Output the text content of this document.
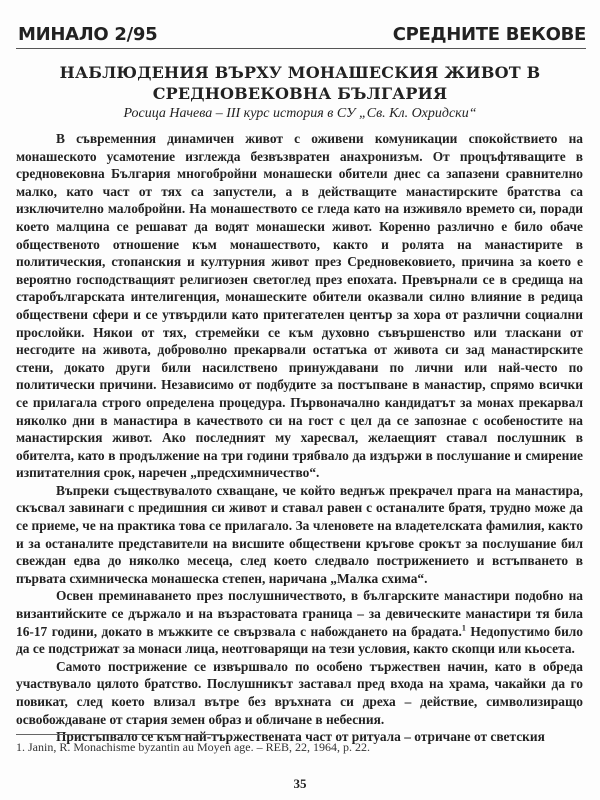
МИНАЛО 2/95	СРЕДНИТЕ ВЕКОВЕ
НАБЛЮДЕНИЯ ВЪРХУ МОНАШЕСКИЯ ЖИВОТ В
СРЕДНОВЕКОВНА БЪЛГАРИЯ
Росица Начева – III курс история в СУ „Св. Кл. Охридски“

В съвременния динамичен живот с оживени комуникации спокойствието на монашеското усамотение изглежда безвъзвратен анахронизъм. От процъфтяващите в средновековна България многобройни монашески обители днес са запазени сравнително малко, като част от тях са запустели, а в действащите манастирските братства са изключително малобройни. На монашеството се гледа като на изживяло времето си, поради което малцина се решават да водят монашески живот. Коренно различно е било обаче общественото отношение към монашеството, както и ролята на манастирите в политическия, стопанския и културния живот през Средновековието, причина за което е вероятно господстващият религиозен светоглед през епохата. Превърнали се в средища на старобългарската интелигенция, монашеските обители оказвали силно влияние в редица обществени сфери и се утвърдили като притегателен център за хора от различни социални прослойки. Някои от тях, стремейки се към духовно съвършенство или тласкани от несгодите на живота, доброволно прекарвали остатъка от живота си зад манастирските стени, докато други били насилствено принуждавани по лични или най-често по политически причини. Независимо от подбудите за постъпване в манастир, спрямо всички се прилагала строго определена процедура. Първоначално кандидатът за монах прекарвал няколко дни в манастира в качеството си на гост с цел да се запознае с особеностите на манастирския живот. Ако последният му харесвал, желаещият ставал послушник в обителта, като в продължение на три години трябвало да издържи в послушание и смирение изпитателния срок, наречен „предсхимничество“.

Въпреки съществувалото схващане, че който веднъж прекрачел прага на манастира, скъсвал завинаги с предишния си живот и ставал равен с останалите братя, трудно може да се приеме, че на практика това се прилагало. За членовете на владетелската фамилия, както и за останалите представители на висшите обществени кръгове срокът за послушание бил свеждан едва до няколко месеца, след което следвало пострижението и встъпването в първата схимническа монашеска степен, наричана „Малка схима“.

Освен преминаването през послушничеството, в българските манастири подобно на византийските се държало и на възрастовата граница – за девическите манастири тя била 16-17 години, докато в мъжките се свързвала с набождането на брадата.$^1$ Недопустимо било да се подстрижат за монаси лица, неотговарящи на тези условия, както скопци или кьосета.

Самото пострижение се извършвало по особено тържествен начин, като в обреда участвувало цялото братство. Послушникът заставал пред входа на храма, чакайки да го повикат, след което влизал вътре без връхната си дреха – действие, символизиращо освобождаване от стария земен образ и обличане в небесния.

Пристъпвало се към най-тържествената част от ритуала – отричане от светския

1. Janin, R. Monachisme byzantin au Moyen age. – REB, 22, 1964, p. 22.
35
